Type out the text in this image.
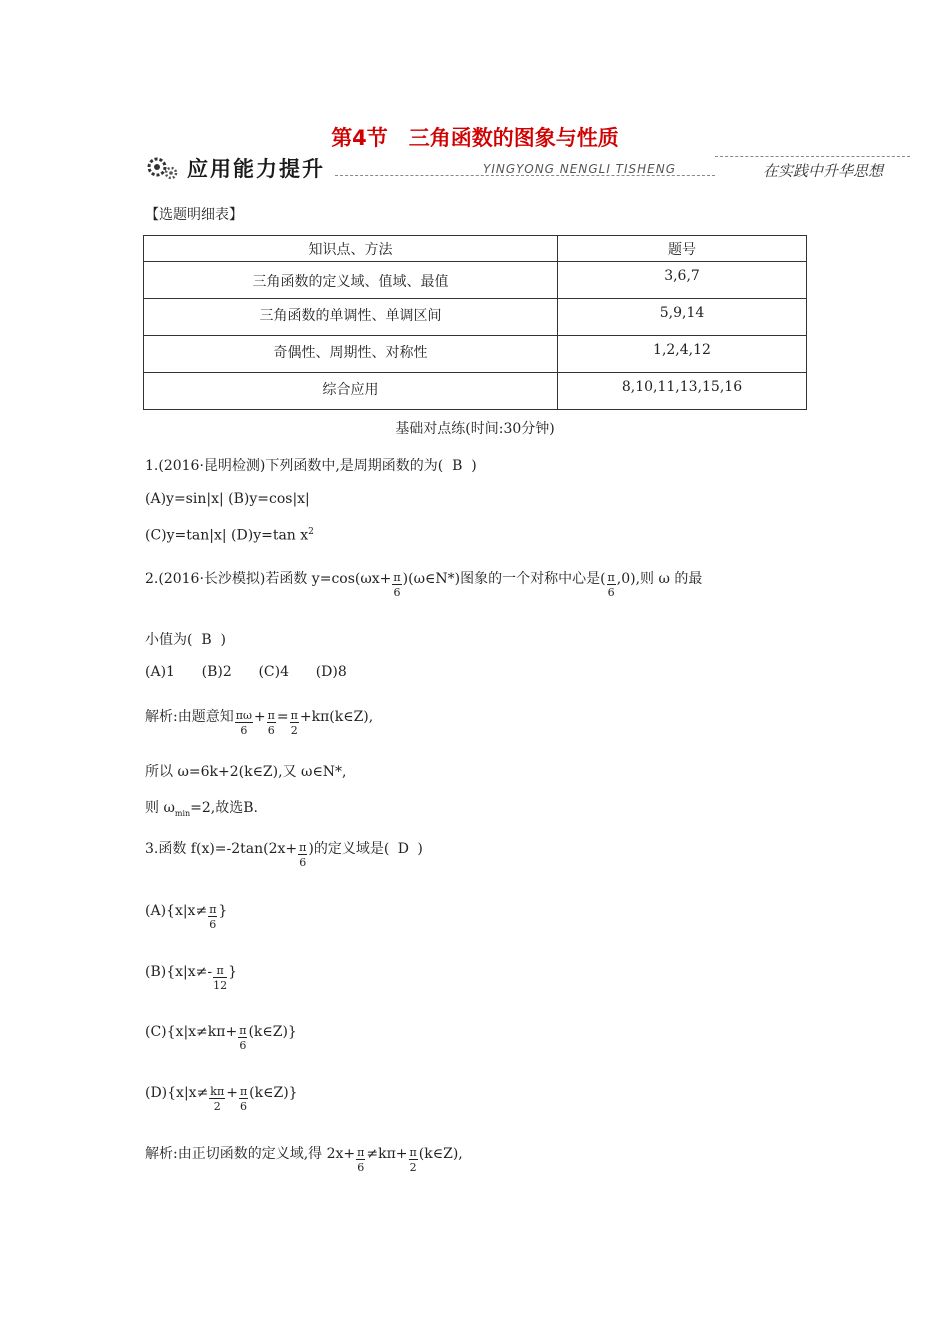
第4节　三角函数的图象与性质
应用能力提升	YINGYONG NENGLI TISHENG	在实践中升华思想
【选题明细表】
知识点、方法	题号
三角函数的定义域、值域、最值	3,6,7
三角函数的单调性、单调区间	5,9,14
奇偶性、周期性、对称性	1,2,4,12
综合应用	8,10,11,13,15,16
基础对点练(时间:30分钟)
1.(2016·昆明检测)下列函数中,是周期函数的为( B )
(A)y=sin|x| (B)y=cos|x|
(C)y=tan|x| (D)y=tan $x^2$
2.(2016·长沙模拟)若函数 $y=\cos(\omega x+ \frac{\pi}{6}$ )(ω∈N*)图象的一个对称中心是( $\frac{\pi}{6} ,0$),则 ω 的最
小值为( B )
(A)1      (B)2      (C)4      (D)8
解析:由题意知 $\frac{\pi\omega}{6} + \frac{\pi}{6} = \frac{\pi}{2}$ +kπ(k∈Z),
所以 ω=6k+2(k∈Z),又 ω∈N*,
则 $\omega_{min}=2$,故选B.
3.函数 $f(x)=-2\tan(2x+ \frac{\pi}{6}$ )的定义域是( D )
$(A)\{x|x\ne \frac{\pi}{6}$ }
$(B)\{x|x\ne- \frac{\pi}{12}$ }
$(C)\{x|x\ne k\pi+ \frac{\pi}{6}$ (k∈Z)}
$(D)\{x|x\ne \frac{k\pi}{2} + \frac{\pi}{6}$ (k∈Z)}
解析:由正切函数的定义域,得 $2x+ \frac{\pi}{6} \ne k\pi+ \frac{\pi}{2}$ (k∈Z),
